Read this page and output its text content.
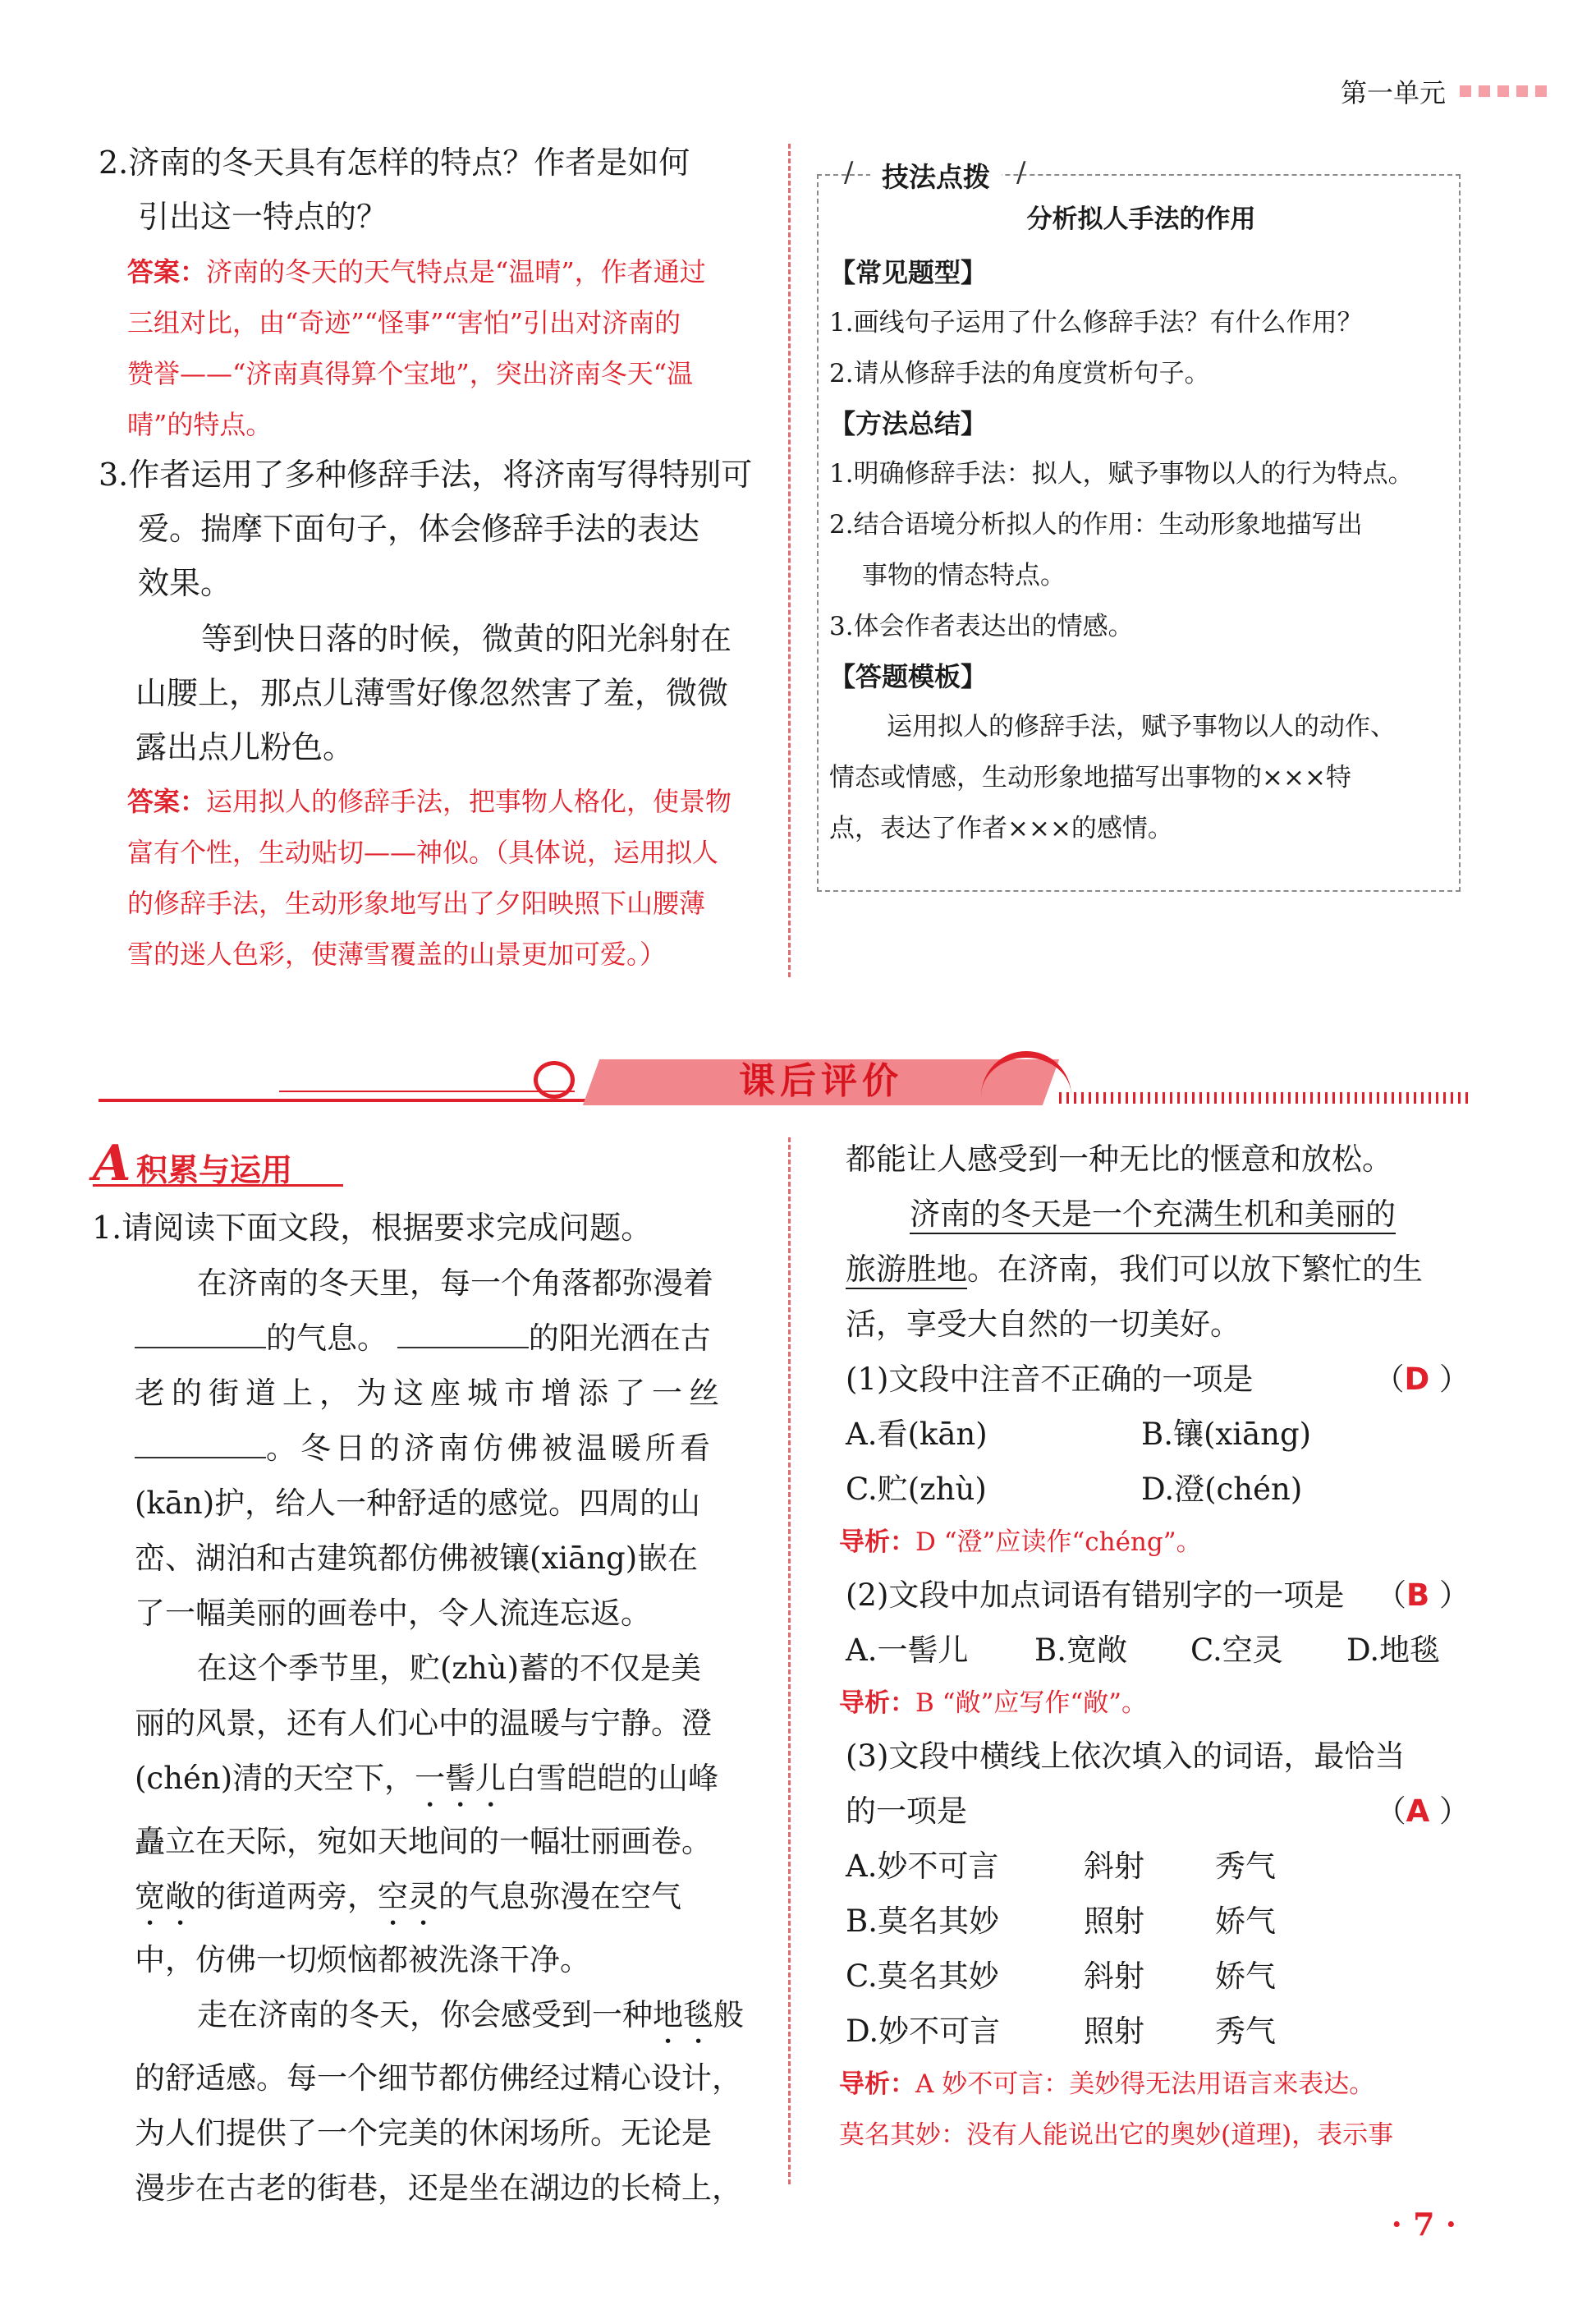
第一单元
2.济南的冬天具有怎样的特点？作者是如何
引出这一特点的？
答案：济南的冬天的天气特点是“温晴”，作者通过
三组对比，由“奇迹”“怪事”“害怕”引出对济南的
赞誉——“济南真得算个宝地”，突出济南冬天“温
晴”的特点。
3.作者运用了多种修辞手法，将济南写得特别可
爱。揣摩下面句子，体会修辞手法的表达
效果。
等到快日落的时候，微黄的阳光斜射在
山腰上，那点儿薄雪好像忽然害了羞，微微
露出点儿粉色。
答案：运用拟人的修辞手法，把事物人格化，使景物
富有个性，生动贴切——神似。（具体说，运用拟人
的修辞手法，生动形象地写出了夕阳映照下山腰薄
雪的迷人色彩，使薄雪覆盖的山景更加可爱。）
/	技法点拨 /
分析拟人手法的作用
【常见题型】
1.画线句子运用了什么修辞手法？有什么作用？
2.请从修辞手法的角度赏析句子。
【方法总结】
1.明确修辞手法：拟人，赋予事物以人的行为特点。
2.结合语境分析拟人的作用：生动形象地描写出
事物的情态特点。
3.体会作者表达出的情感。
【答题模板】
运用拟人的修辞手法，赋予事物以人的动作、
情态或情感，生动形象地描写出事物的×××特
点，表达了作者×××的感情。
课后评价
A 积累与运用
1.请阅读下面文段，根据要求完成问题。
在济南的冬天里，每一个角落都弥漫着
的气息。	的阳光洒在古
老的街道上，为这座城市增添了一丝
。冬日的济南仿佛被温暖所看
(kān)护，给人一种舒适的感觉。四周的山
峦、湖泊和古建筑都仿佛被镶(xiāng)嵌在
了一幅美丽的画卷中，令人流连忘返。
在这个季节里，贮(zhù)蓄的不仅是美
丽的风景，还有人们心中的温暖与宁静。澄
(chén)清的天空下，一髻儿白雪皑皑的山峰
矗立在天际，宛如天地间的一幅壮丽画卷。
宽敞的街道两旁，空灵的气息弥漫在空气
中，仿佛一切烦恼都被洗涤干净。
走在济南的冬天，你会感受到一种地毯般
的舒适感。每一个细节都仿佛经过精心设计，
为人们提供了一个完美的休闲场所。无论是
漫步在古老的街巷，还是坐在湖边的长椅上，
都能让人感受到一种无比的惬意和放松。
济南的冬天是一个充满生机和美丽的
旅游胜地。在济南，我们可以放下繁忙的生
活，享受大自然的一切美好。
(1)文段中注音不正确的一项是	（D ）
A.看(kān)	B.镶(xiāng)
C.贮(zhù)	D.澄(chén)
导析：D “澄”应读作“chéng”。
(2)文段中加点词语有错别字的一项是 （B ）
A.一髻儿	B.宽敞	C.空灵	D.地毯
导析：B “敞”应写作“敞”。
(3)文段中横线上依次填入的词语，最恰当
的一项是	（A ）
A.妙不可言	斜射	秀气
B.莫名其妙	照射	娇气
C.莫名其妙	斜射	娇气
D.妙不可言	照射	秀气
导析：A 妙不可言：美妙得无法用语言来表达。
莫名其妙：没有人能说出它的奥妙(道理)，表示事
· 7 ·
